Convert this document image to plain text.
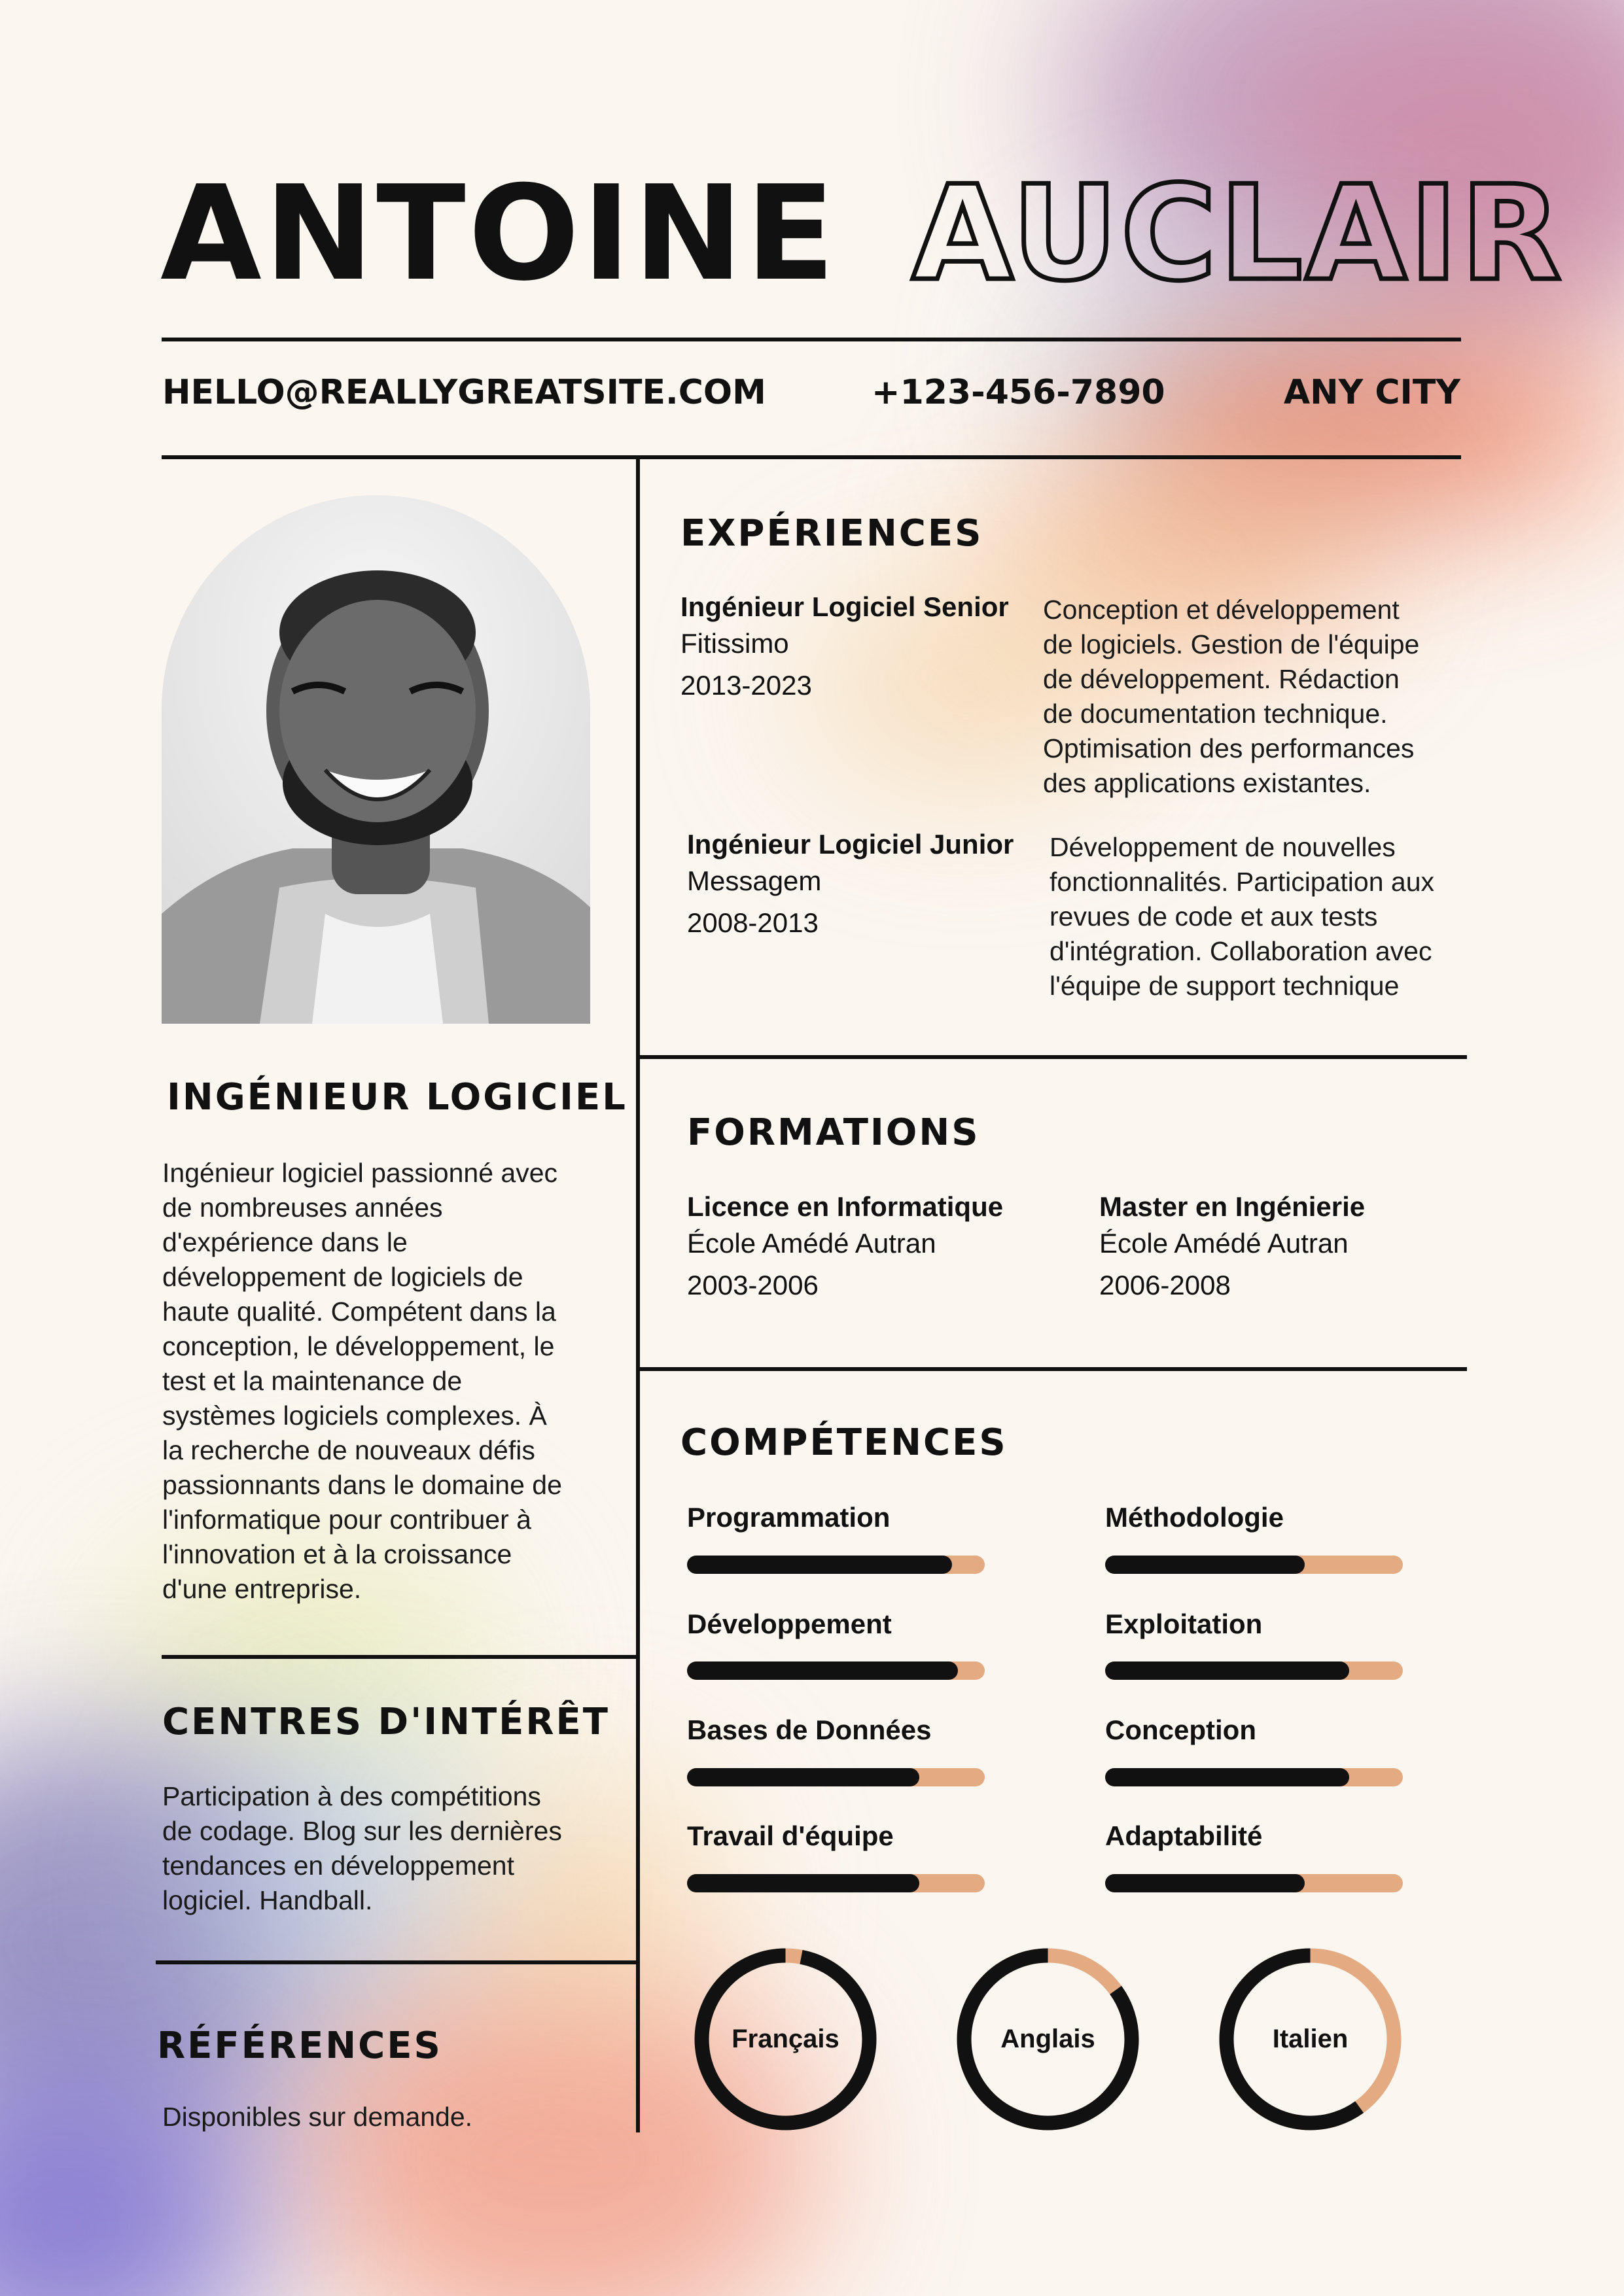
ANTOINE AUCLAIR
HELLO@REALLYGREATSITE.COM	+123-456-7890	ANY CITY
INGÉNIEUR LOGICIEL
Ingénieur logiciel passionné avec
de nombreuses années
d'expérience dans le
développement de logiciels de
haute qualité. Compétent dans la
conception, le développement, le
test et la maintenance de
systèmes logiciels complexes. À
la recherche de nouveaux défis
passionnants dans le domaine de
l'informatique pour contribuer à
l'innovation et à la croissance
d'une entreprise.
CENTRES D'INTÉRÊT
Participation à des compétitions
de codage. Blog sur les dernières
tendances en développement
logiciel. Handball.
RÉFÉRENCES
Disponibles sur demande.
EXPÉRIENCES
Ingénieur Logiciel Senior
Fitissimo
2013-2023
Conception et développement
de logiciels. Gestion de l'équipe
de développement. Rédaction
de documentation technique.
Optimisation des performances
des applications existantes.
Ingénieur Logiciel Junior
Messagem
2008-2013
Développement de nouvelles
fonctionnalités. Participation aux
revues de code et aux tests
d'intégration. Collaboration avec
l'équipe de support technique
FORMATIONS
Licence en Informatique
École Amédé Autran
2003-2006
Master en Ingénierie
École Amédé Autran
2006-2008
COMPÉTENCES
Programmation	Méthodologie
Développement	Exploitation
Bases de Données	Conception
Travail d'équipe	Adaptabilité
Français	Anglais	Italien
